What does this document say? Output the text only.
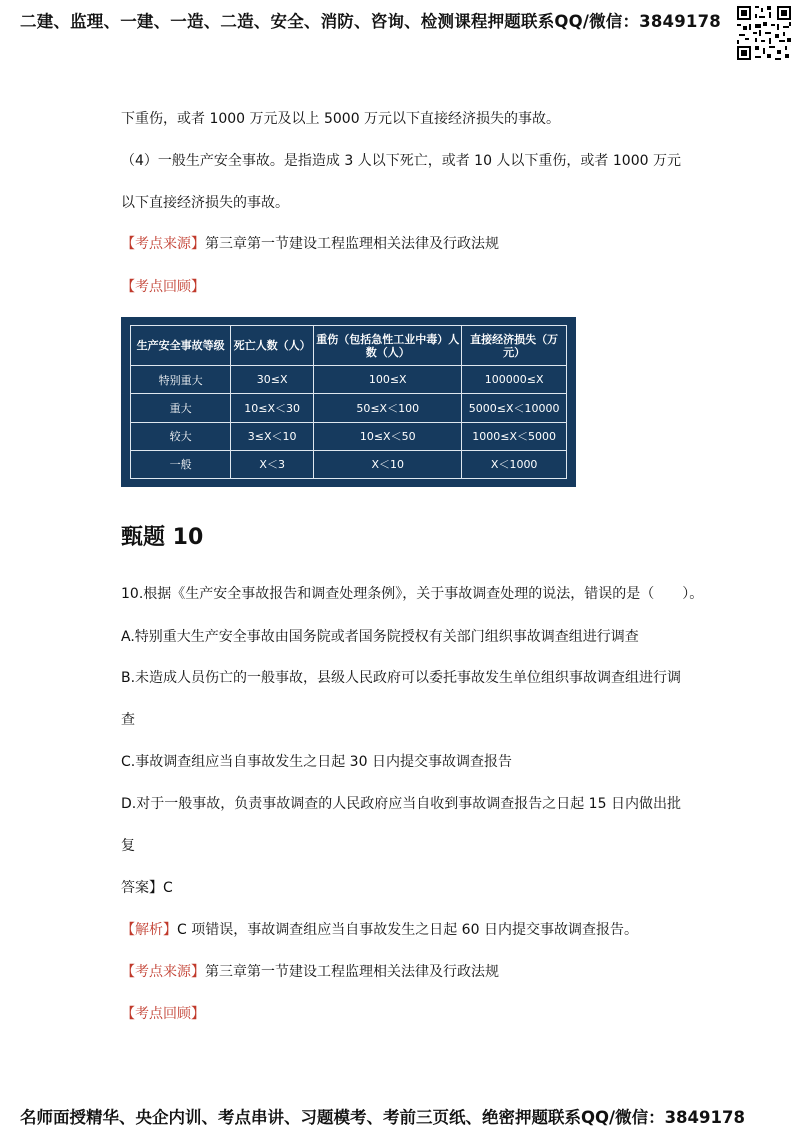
二建、监理、一建、一造、二造、安全、消防、咨询、检测课程押题联系QQ/微信：3849178
下重伤，或者 1000 万元及以上 5000 万元以下直接经济损失的事故。
（4）一般生产安全事故。是指造成 3 人以下死亡，或者 10 人以下重伤，或者 1000 万元
以下直接经济损失的事故。
【考点来源】第三章第一节建设工程监理相关法律及行政法规
【考点回顾】
生产安全事故等级	死亡人数（人）	重伤（包括急性工业中毒）人数（人）	直接经济损失（万元）
特别重大	30≤X	100≤X	100000≤X
重大	10≤X＜30	50≤X＜100	5000≤X＜10000
较大	3≤X＜10	10≤X＜50	1000≤X＜5000
一般	X＜3	X＜10	X＜1000
甄题 10
10.根据《生产安全事故报告和调查处理条例》，关于事故调查处理的说法，错误的是（　　）。
A.特别重大生产安全事故由国务院或者国务院授权有关部门组织事故调查组进行调查
B.未造成人员伤亡的一般事故，县级人民政府可以委托事故发生单位组织事故调查组进行调
查
C.事故调查组应当自事故发生之日起 30 日内提交事故调查报告
D.对于一般事故，负责事故调查的人民政府应当自收到事故调查报告之日起 15 日内做出批
复
答案】C
【解析】C 项错误，事故调查组应当自事故发生之日起 60 日内提交事故调查报告。
【考点来源】第三章第一节建设工程监理相关法律及行政法规
【考点回顾】
名师面授精华、央企内训、考点串讲、习题模考、考前三页纸、绝密押题联系QQ/微信：3849178
